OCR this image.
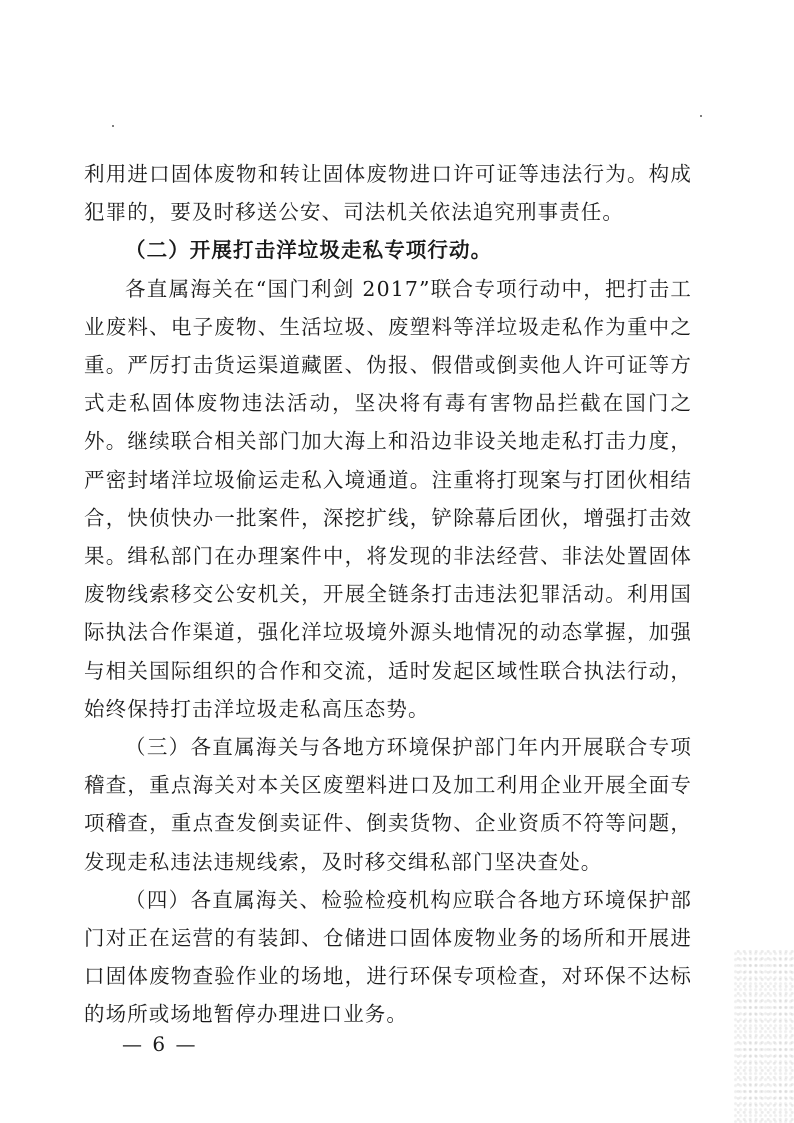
利用进口固体废物和转让固体废物进口许可证等违法行为。构成犯罪的，要及时移送公安、司法机关依法追究刑事责任。

（二）开展打击洋垃圾走私专项行动。

各直属海关在“国门利剑 2017”联合专项行动中，把打击工业废料、电子废物、生活垃圾、废塑料等洋垃圾走私作为重中之重。严厉打击货运渠道藏匿、伪报、假借或倒卖他人许可证等方式走私固体废物违法活动，坚决将有毒有害物品拦截在国门之外。继续联合相关部门加大海上和沿边非设关地走私打击力度，严密封堵洋垃圾偷运走私入境通道。注重将打现案与打团伙相结合，快侦快办一批案件，深挖扩线，铲除幕后团伙，增强打击效果。缉私部门在办理案件中，将发现的非法经营、非法处置固体废物线索移交公安机关，开展全链条打击违法犯罪活动。利用国际执法合作渠道，强化洋垃圾境外源头地情况的动态掌握，加强与相关国际组织的合作和交流，适时发起区域性联合执法行动，始终保持打击洋垃圾走私高压态势。

（三）各直属海关与各地方环境保护部门年内开展联合专项稽查，重点海关对本关区废塑料进口及加工利用企业开展全面专项稽查，重点查发倒卖证件、倒卖货物、企业资质不符等问题，发现走私违法违规线索，及时移交缉私部门坚决查处。

（四）各直属海关、检验检疫机构应联合各地方环境保护部门对正在运营的有装卸、仓储进口固体废物业务的场所和开展进口固体废物查验作业的场地，进行环保专项检查，对环保不达标的场所或场地暂停办理进口业务。

— 6 —
